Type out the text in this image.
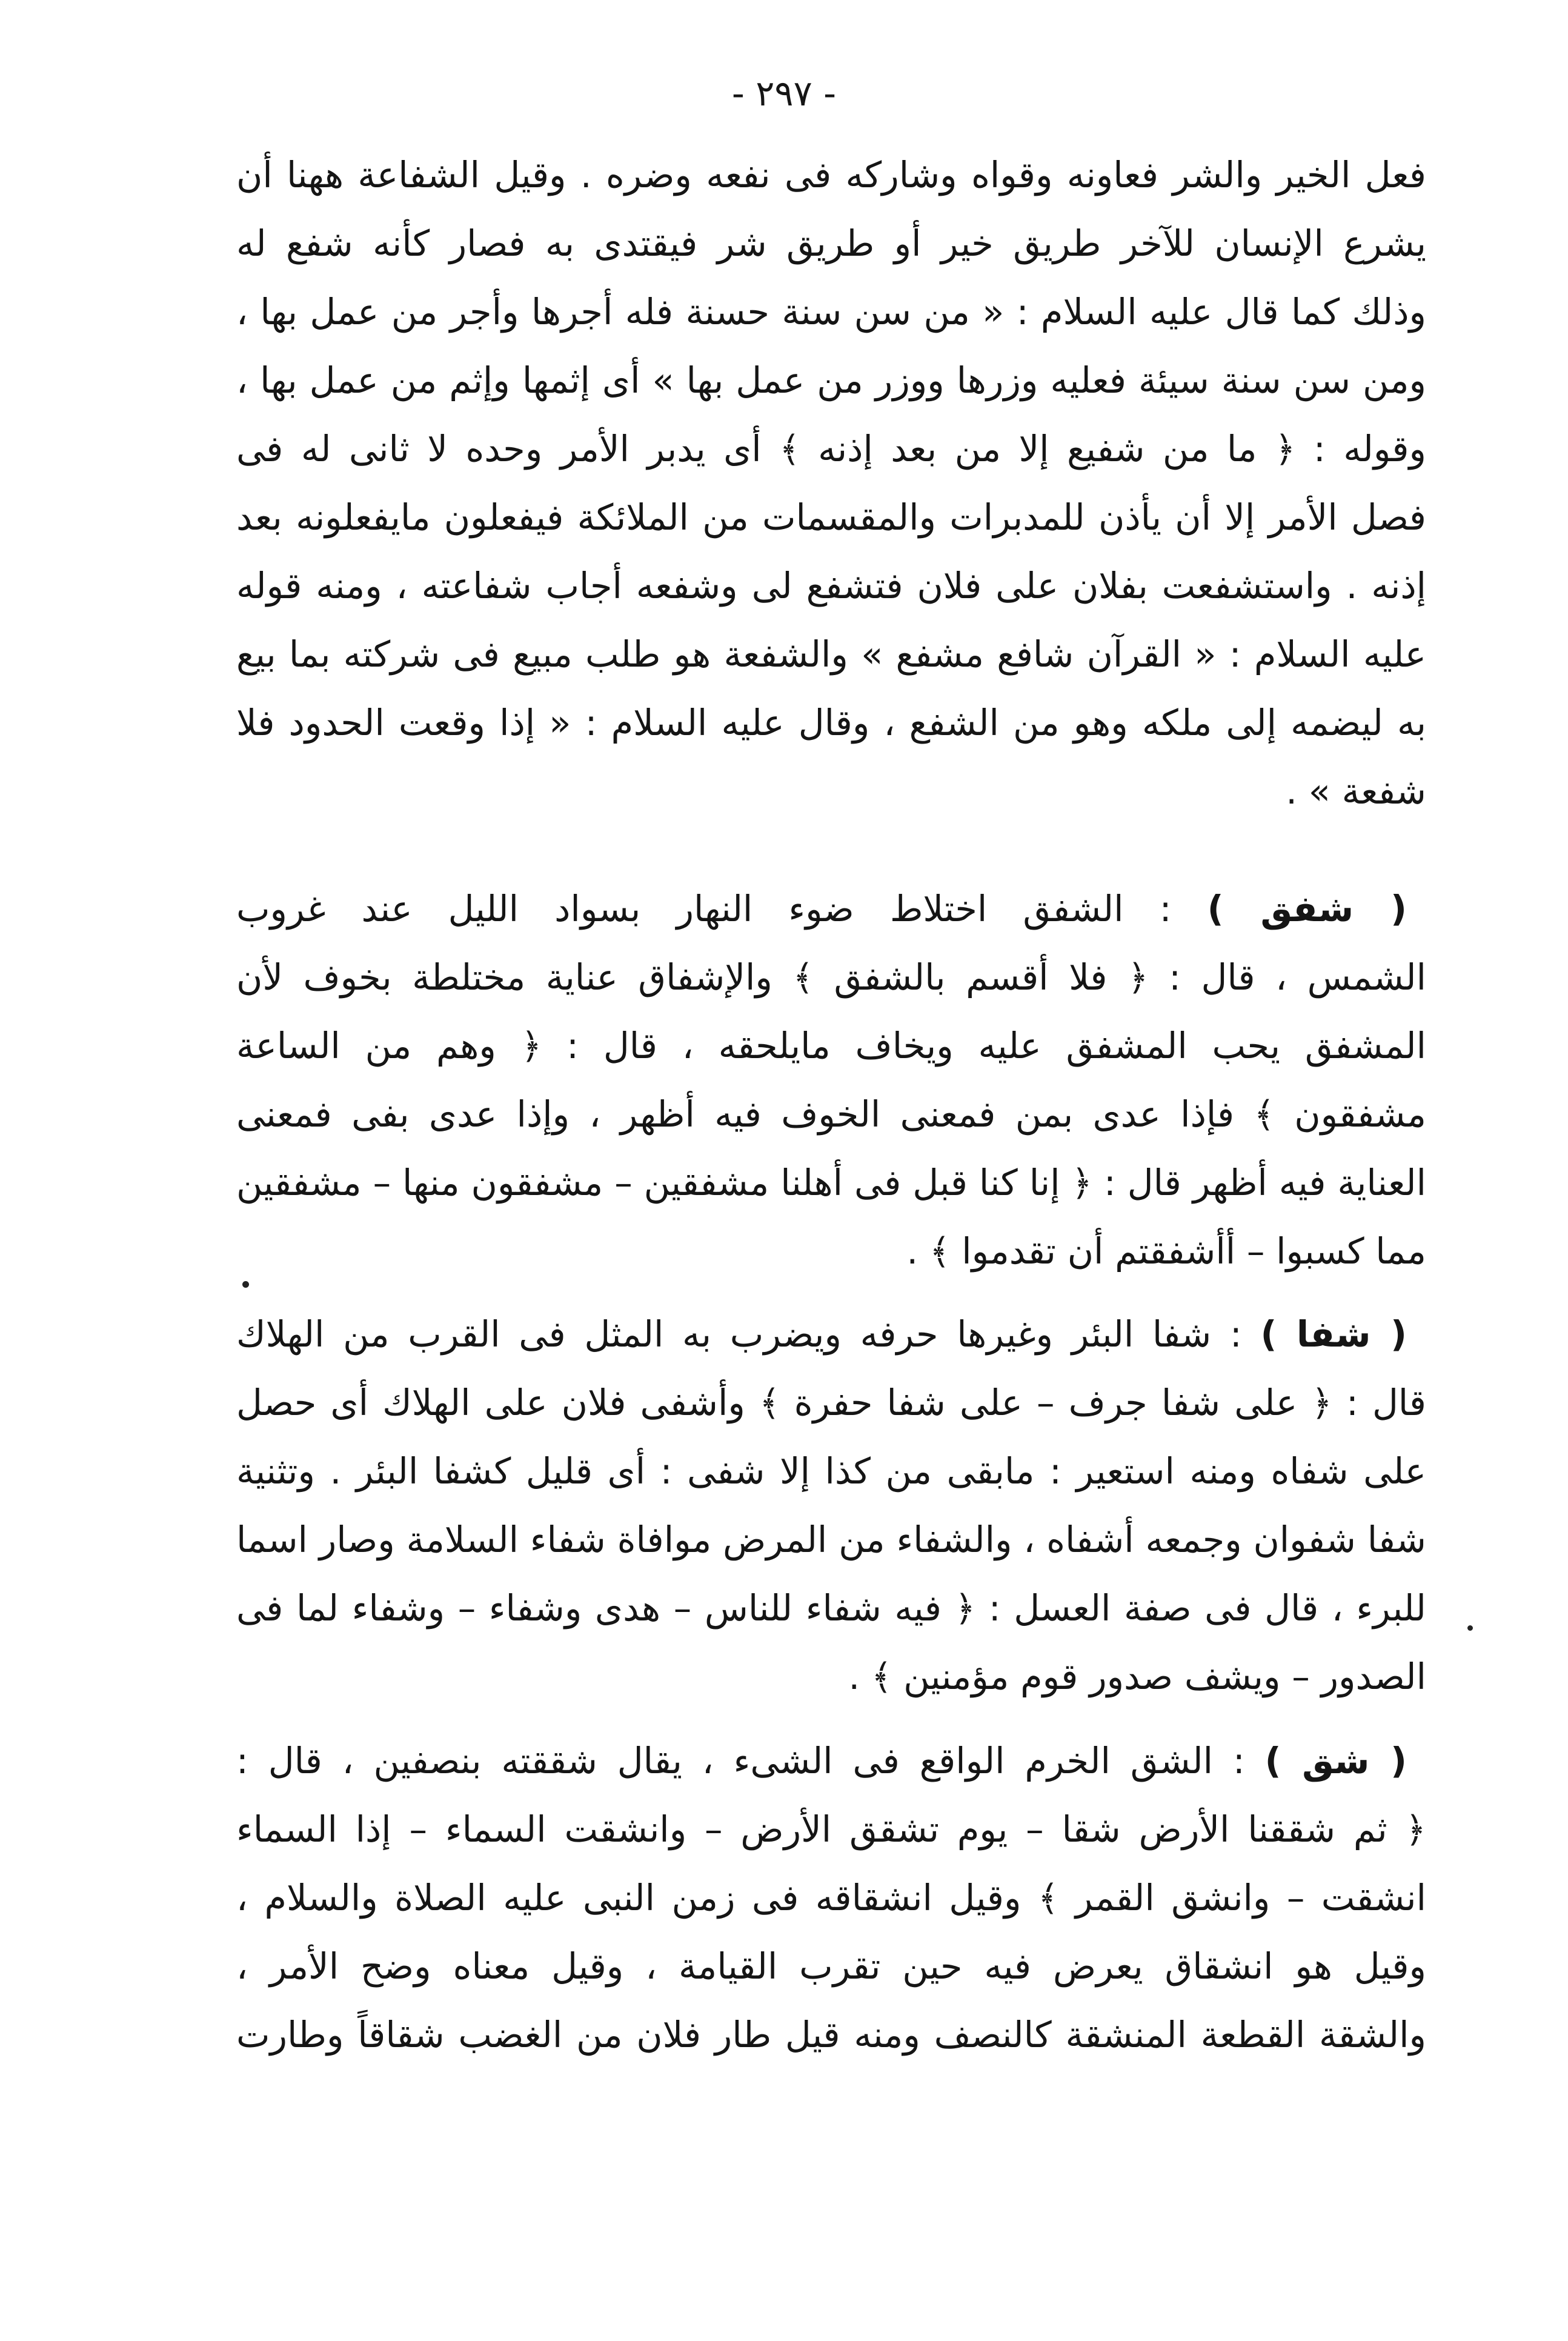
- ٢٩٧ -
فعل الخير والشر فعاونه وقواه وشاركه فى نفعه وضره . وقيل الشفاعة ههنا أن
يشرع الإنسان للآخر طريق خير أو طريق شر فيقتدى به فصار كأنه شفع له
وذلك كما قال عليه السلام : « من سن سنة حسنة فله أجرها وأجر من عمل بها ،
ومن سن سنة سيئة فعليه وزرها ووزر من عمل بها » أى إثمها وإثم من عمل بها ،
وقوله : ﴿ ما من شفيع إلا من بعد إذنه ﴾ أى يدبر الأمر وحده لا ثانى له فى
فصل الأمر إلا أن يأذن للمدبرات والمقسمات من الملائكة فيفعلون مايفعلونه بعد
إذنه . واستشفعت بفلان على فلان فتشفع لى وشفعه أجاب شفاعته ، ومنه قوله
عليه السلام : « القرآن شافع مشفع » والشفعة هو طلب مبيع فى شركته بما بيع
به ليضمه إلى ملكه وهو من الشفع ، وقال عليه السلام : « إذا وقعت الحدود فلا
شفعة » .
( شفق ) : الشفق اختلاط ضوء النهار بسواد الليل عند غروب
الشمس ، قال : ﴿ فلا أقسم بالشفق ﴾ والإشفاق عناية مختلطة بخوف لأن
المشفق يحب المشفق عليه ويخاف مايلحقه ، قال : ﴿ وهم من الساعة
مشفقون ﴾ فإذا عدى بمن فمعنى الخوف فيه أظهر ، وإذا عدى بفى فمعنى
العناية فيه أظهر قال : ﴿ إنا كنا قبل فى أهلنا مشفقين – مشفقون منها – مشفقين
مما كسبوا – أأشفقتم أن تقدموا ﴾ .
( شفا ) : شفا البئر وغيرها حرفه ويضرب به المثل فى القرب من الهلاك
قال : ﴿ على شفا جرف – على شفا حفرة ﴾ وأشفى فلان على الهلاك أى حصل
على شفاه ومنه استعير : مابقى من كذا إلا شفى : أى قليل كشفا البئر . وتثنية
شفا شفوان وجمعه أشفاه ، والشفاء من المرض موافاة شفاء السلامة وصار اسما
للبرء ، قال فى صفة العسل : ﴿ فيه شفاء للناس – هدى وشفاء – وشفاء لما فى
الصدور – ويشف صدور قوم مؤمنين ﴾ .
( شق ) : الشق الخرم الواقع فى الشىء ، يقال شققته بنصفين ، قال :
﴿ ثم شققنا الأرض شقا – يوم تشقق الأرض – وانشقت السماء – إذا السماء
انشقت – وانشق القمر ﴾ وقيل انشقاقه فى زمن النبى عليه الصلاة والسلام ،
وقيل هو انشقاق يعرض فيه حين تقرب القيامة ، وقيل معناه وضح الأمر ،
والشقة القطعة المنشقة كالنصف ومنه قيل طار فلان من الغضب شقاقاً وطارت
